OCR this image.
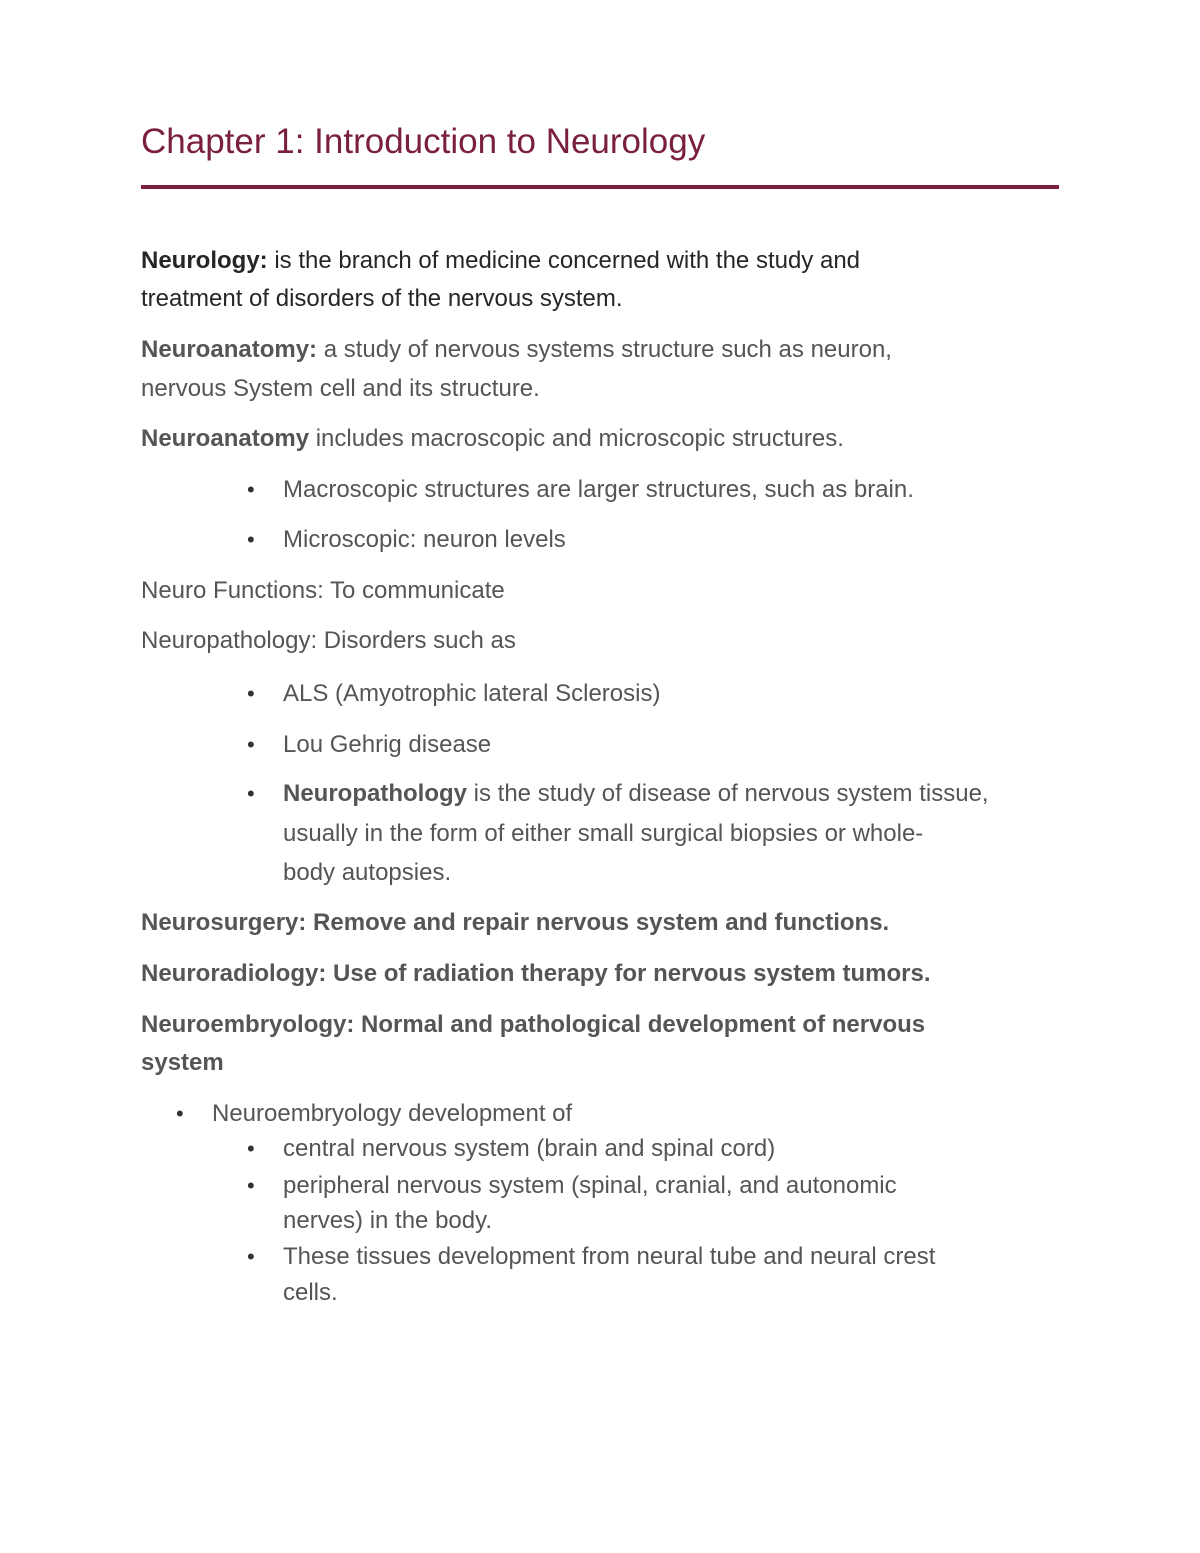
Chapter 1: Introduction to Neurology
Neurology: is the branch of medicine concerned with the study and
treatment of disorders of the nervous system.
Neuroanatomy: a study of nervous systems structure such as neuron,
nervous System cell and its structure.
Neuroanatomy includes macroscopic and microscopic structures.
• Macroscopic structures are larger structures, such as brain.
• Microscopic: neuron levels
Neuro Functions: To communicate
Neuropathology: Disorders such as
• ALS (Amyotrophic lateral Sclerosis)
• Lou Gehrig disease
• Neuropathology is the study of disease of nervous system tissue,
usually in the form of either small surgical biopsies or whole-
body autopsies.
Neurosurgery: Remove and repair nervous system and functions.
Neuroradiology: Use of radiation therapy for nervous system tumors.
Neuroembryology: Normal and pathological development of nervous
system
• Neuroembryology development of
• central nervous system (brain and spinal cord)
• peripheral nervous system (spinal, cranial, and autonomic
nerves) in the body.
• These tissues development from neural tube and neural crest
cells.
